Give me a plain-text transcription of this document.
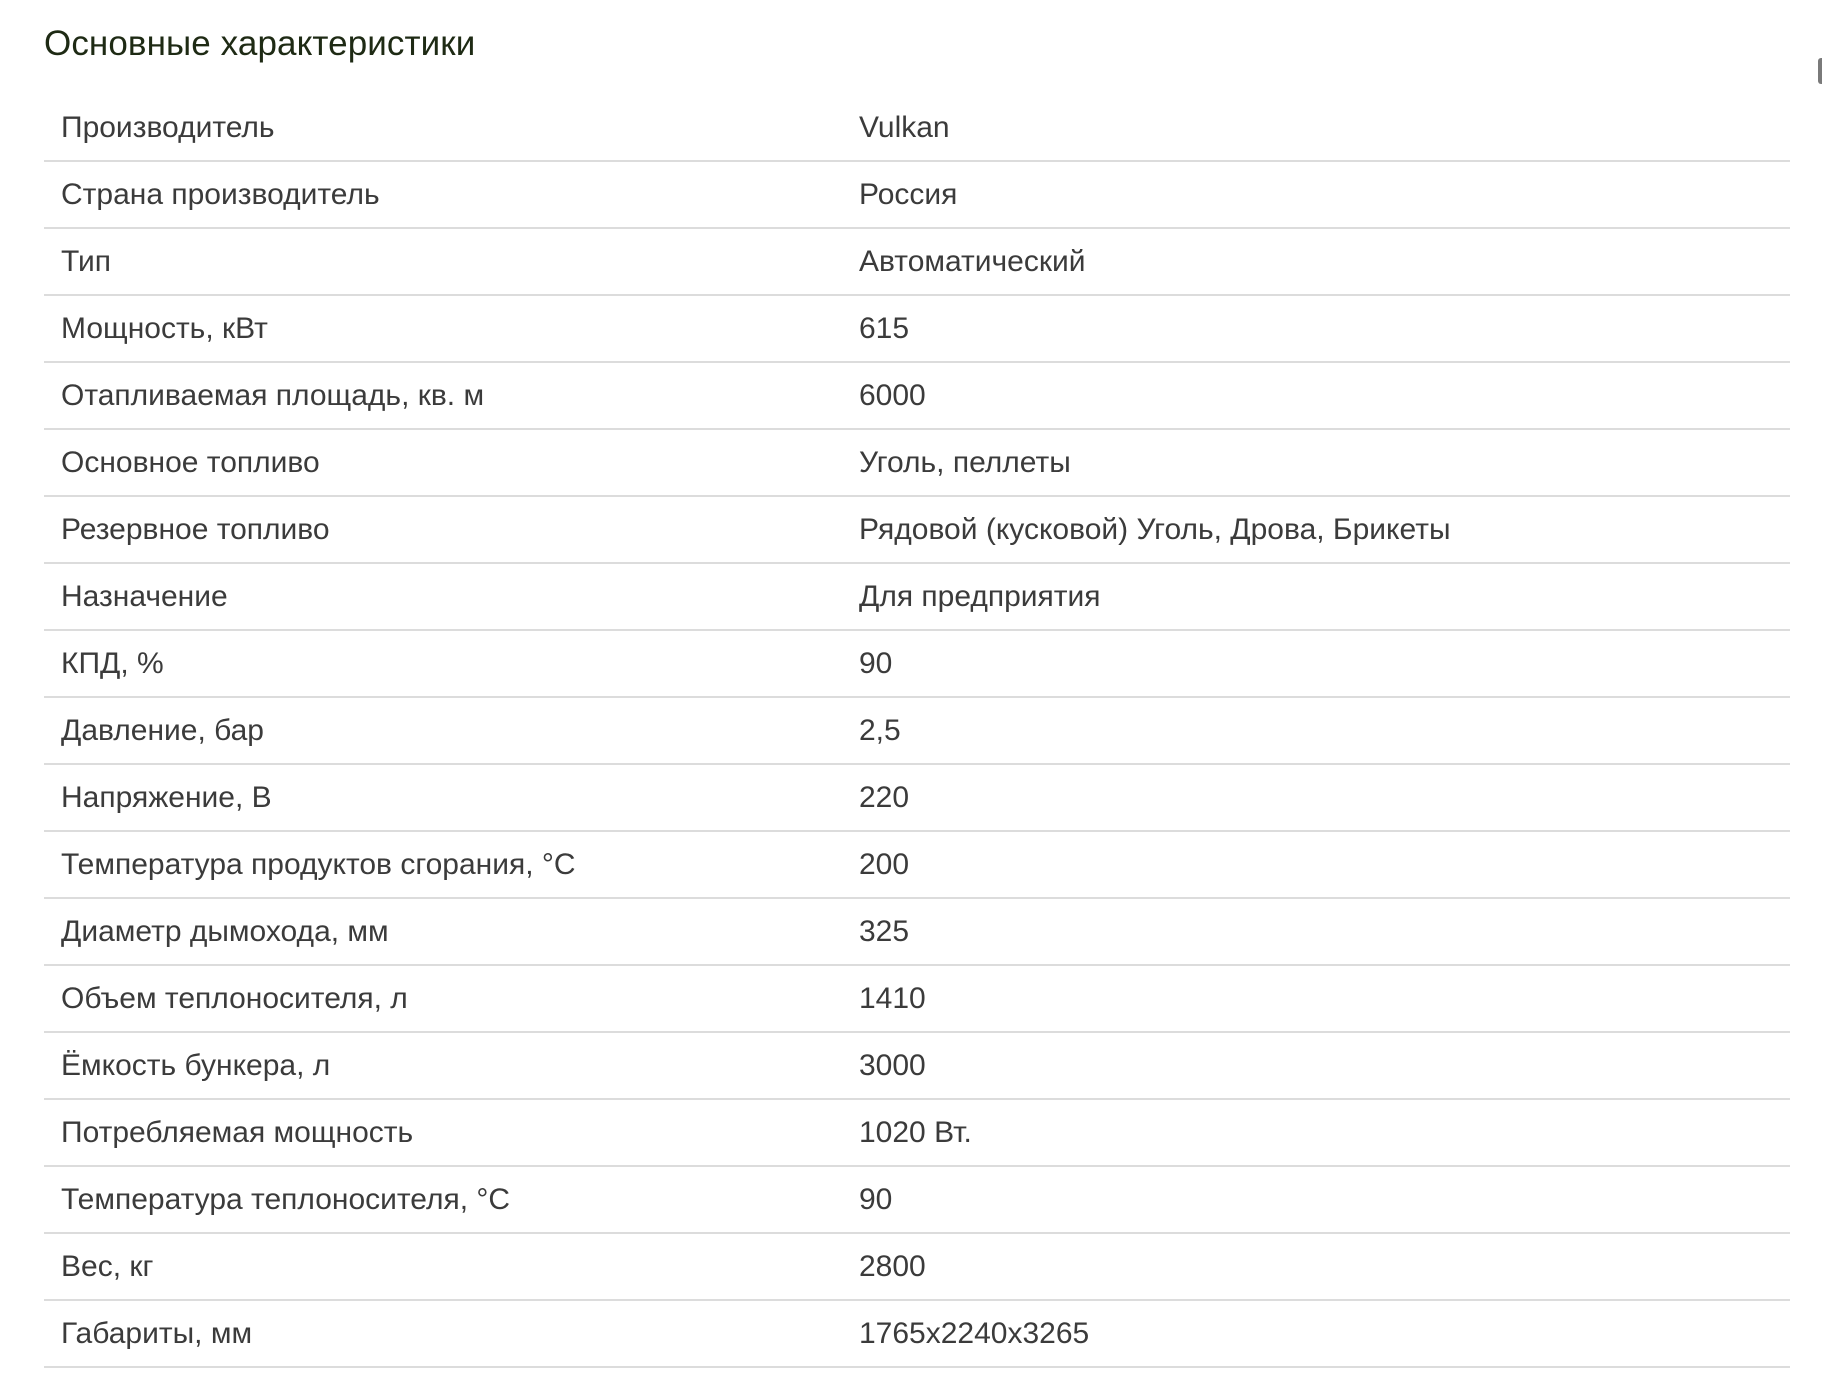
Основные характеристики
Производитель	Vulkan
Страна производитель	Россия
Тип	Автоматический
Мощность, кВт	615
Отапливаемая площадь, кв. м	6000
Основное топливо	Уголь, пеллеты
Резервное топливо	Рядовой (кусковой) Уголь, Дрова, Брикеты
Назначение	Для предприятия
КПД, %	90
Давление, бар	2,5
Напряжение, В	220
Температура продуктов сгорания, °C	200
Диаметр дымохода, мм	325
Объем теплоносителя, л	1410
Ёмкость бункера, л	3000
Потребляемая мощность	1020 Вт.
Температура теплоносителя, °C	90
Вес, кг	2800
Габариты, мм	1765x2240x3265
